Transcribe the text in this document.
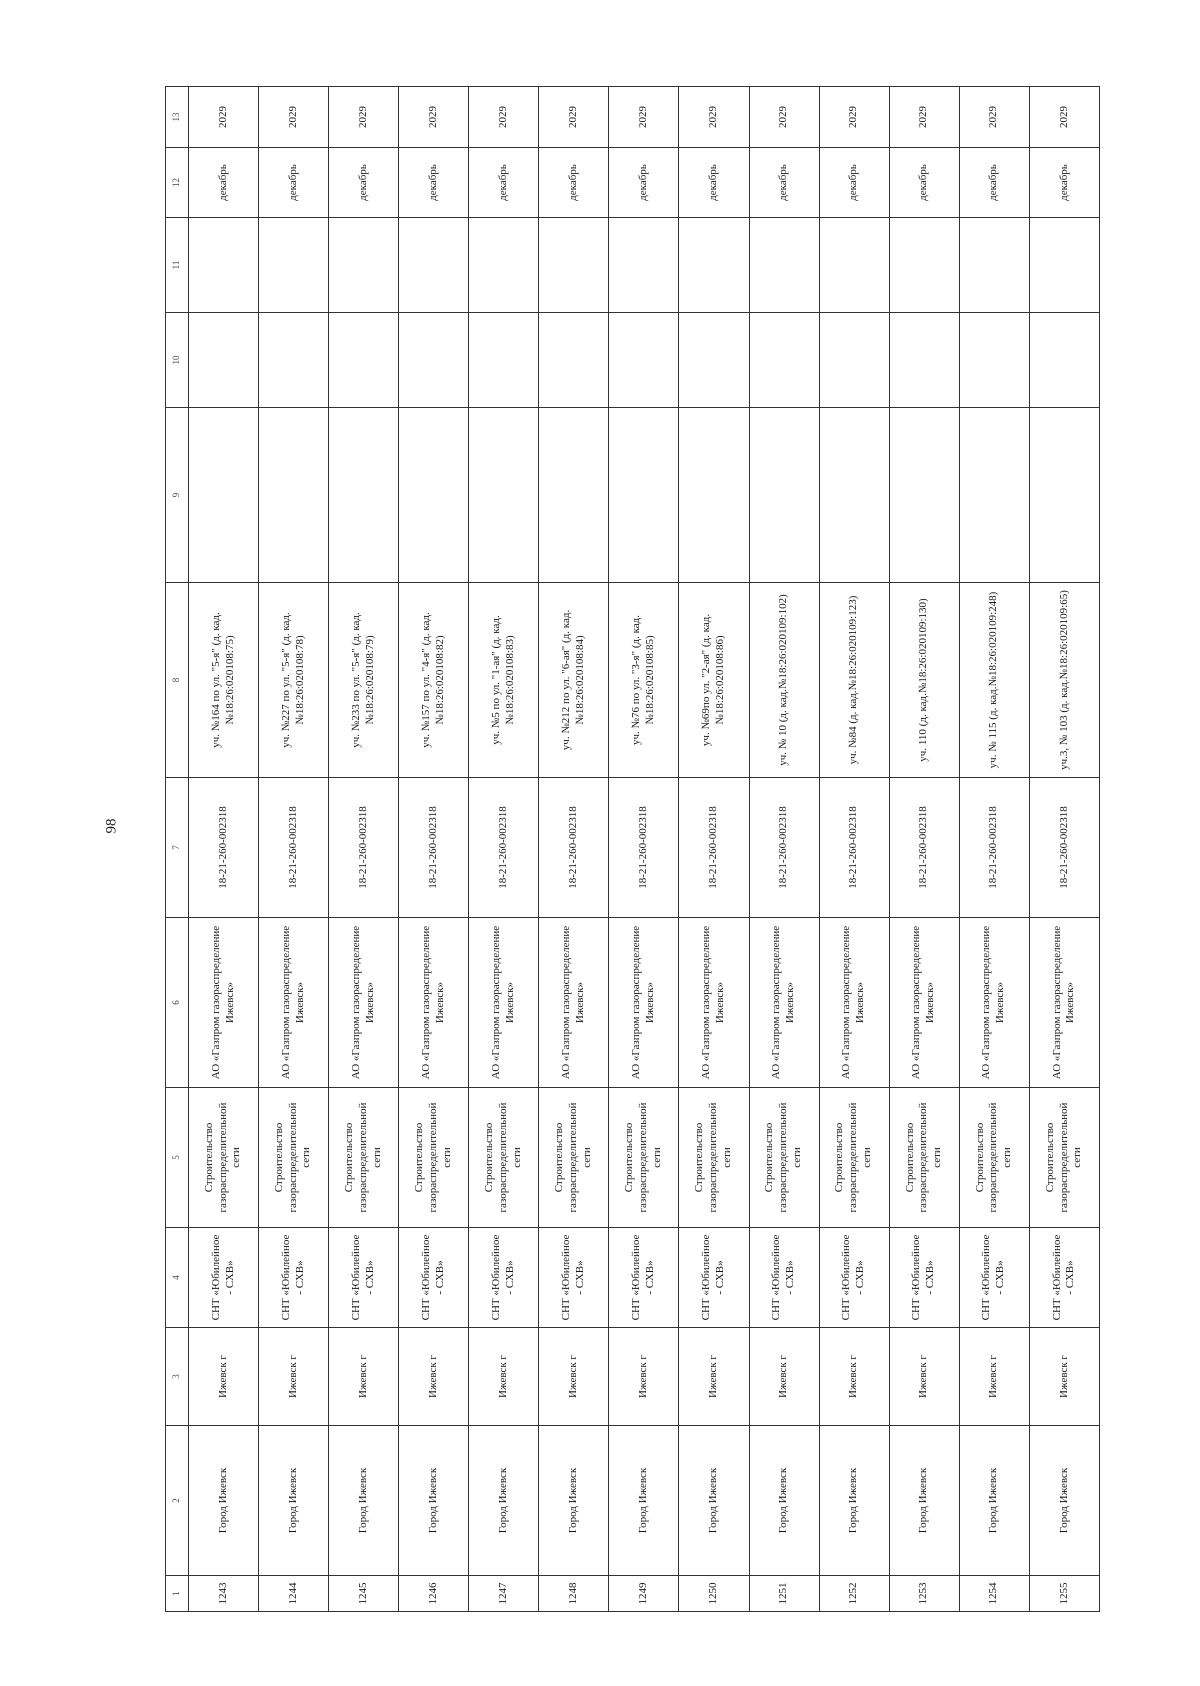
98
1	2	3	4	5	6	7	8	9	10	11	12	13
1243	Город Ижевск	Ижевск г	СНТ «Юбилейное - СХВ»	Строительство газораспределительной сети	АО «Газпром газораспределение Ижевск»	18-21-260-002318	уч. №164 по ул. "5-я" (д. кад.№18:26:020108:75)				декабрь	2029
1244	Город Ижевск	Ижевск г	СНТ «Юбилейное - СХВ»	Строительство газораспределительной сети	АО «Газпром газораспределение Ижевск»	18-21-260-002318	уч. №227 по ул. "5-я" (д. кад.№18:26:020108:78)				декабрь	2029
1245	Город Ижевск	Ижевск г	СНТ «Юбилейное - СХВ»	Строительство газораспределительной сети	АО «Газпром газораспределение Ижевск»	18-21-260-002318	уч. №233 по ул. "5-я" (д. кад.№18:26:020108:79)				декабрь	2029
1246	Город Ижевск	Ижевск г	СНТ «Юбилейное - СХВ»	Строительство газораспределительной сети	АО «Газпром газораспределение Ижевск»	18-21-260-002318	уч. №157 по ул. "4-я" (д. кад.№18:26:020108:82)				декабрь	2029
1247	Город Ижевск	Ижевск г	СНТ «Юбилейное - СХВ»	Строительство газораспределительной сети	АО «Газпром газораспределение Ижевск»	18-21-260-002318	уч. №5 по ул. "1-ая" (д. кад.№18:26:020108:83)				декабрь	2029
1248	Город Ижевск	Ижевск г	СНТ «Юбилейное - СХВ»	Строительство газораспределительной сети	АО «Газпром газораспределение Ижевск»	18-21-260-002318	уч. №212 по ул. "6-ая" (д. кад.№18:26:020108:84)				декабрь	2029
1249	Город Ижевск	Ижевск г	СНТ «Юбилейное - СХВ»	Строительство газораспределительной сети	АО «Газпром газораспределение Ижевск»	18-21-260-002318	уч. №76 по ул. "3-я" (д. кад.№18:26:020108:85)				декабрь	2029
1250	Город Ижевск	Ижевск г	СНТ «Юбилейное - СХВ»	Строительство газораспределительной сети	АО «Газпром газораспределение Ижевск»	18-21-260-002318	уч. №69по ул. "2-ая" (д. кад.№18:26:020108:86)				декабрь	2029
1251	Город Ижевск	Ижевск г	СНТ «Юбилейное - СХВ»	Строительство газораспределительной сети	АО «Газпром газораспределение Ижевск»	18-21-260-002318	уч. № 10 (д. кад.№18:26:020109:102)				декабрь	2029
1252	Город Ижевск	Ижевск г	СНТ «Юбилейное - СХВ»	Строительство газораспределительной сети	АО «Газпром газораспределение Ижевск»	18-21-260-002318	уч. №84 (д. кад.№18:26:020109:123)				декабрь	2029
1253	Город Ижевск	Ижевск г	СНТ «Юбилейное - СХВ»	Строительство газораспределительной сети	АО «Газпром газораспределение Ижевск»	18-21-260-002318	уч. 110 (д. кад.№18:26:020109:130)				декабрь	2029
1254	Город Ижевск	Ижевск г	СНТ «Юбилейное - СХВ»	Строительство газораспределительной сети	АО «Газпром газораспределение Ижевск»	18-21-260-002318	уч. № 115 (д. кад.№18:26:020109:248)				декабрь	2029
1255	Город Ижевск	Ижевск г	СНТ «Юбилейное - СХВ»	Строительство газораспределительной сети	АО «Газпром газораспределение Ижевск»	18-21-260-002318	уч.3, № 103 (д. кад.№18:26:020109:65)				декабрь	2029
